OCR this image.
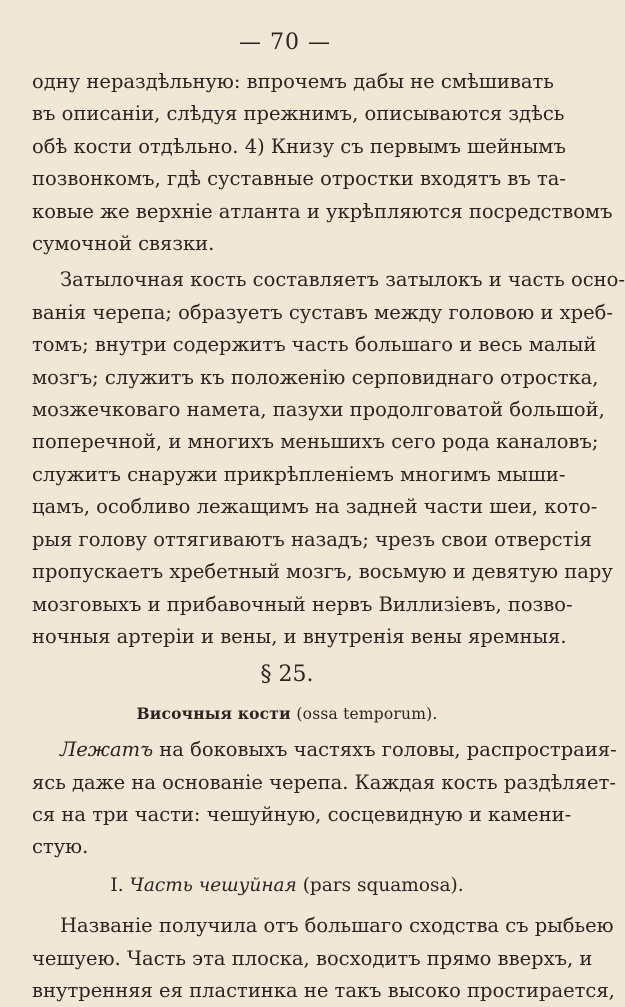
— 70 —
одну нераздѣльную: впрочемъ дабы не смѣшивать
въ описанiи, слѣдуя прежнимъ, описываются здѣсь
обѣ кости отдѣльно. 4) Книзу съ первымъ шейнымъ
позвонкомъ, гдѣ суставные отростки входятъ въ та-
ковые же верхнiе атланта и укрѣпляются посредствомъ
сумочной связки.
Затылочная кость составляетъ затылокъ и часть осно-
ванiя черепа; образуетъ суставъ между головою и хреб-
томъ; внутри содержитъ часть большаго и весь малый
мозгъ; служитъ къ положенiю серповиднаго отростка,
мозжечковаго намета, пазухи продолговатой большой,
поперечной, и многихъ меньшихъ сего рода каналовъ;
служитъ снаружи прикрѣпленiемъ многимъ мыши-
цамъ, особливо лежащимъ на задней части шеи, кото-
рыя голову оттягиваютъ назадъ; чрезъ свои отверстiя
пропускаетъ хребетный мозгъ, восьмую и девятую пару
мозговыхъ и прибавочный нервъ Виллизiевъ, позво-
ночныя артерiи и вены, и внутренiя вены яремныя.
§ 25.
Височныя кости (ossa temporum).
Лежатъ на боковыхъ частяхъ головы, распростраия-
ясь даже на основанiе черепа. Каждая кость раздѣляет-
ся на три части: чешуйную, сосцевидную и камени-
стую.
I. Часть чешуйная (pars squamosa).
Названiе получила отъ большаго сходства съ рыбьею
чешуею. Часть эта плоска, восходитъ прямо вверхъ, и
внутренняя ея пластинка не такъ высоко простирается,
